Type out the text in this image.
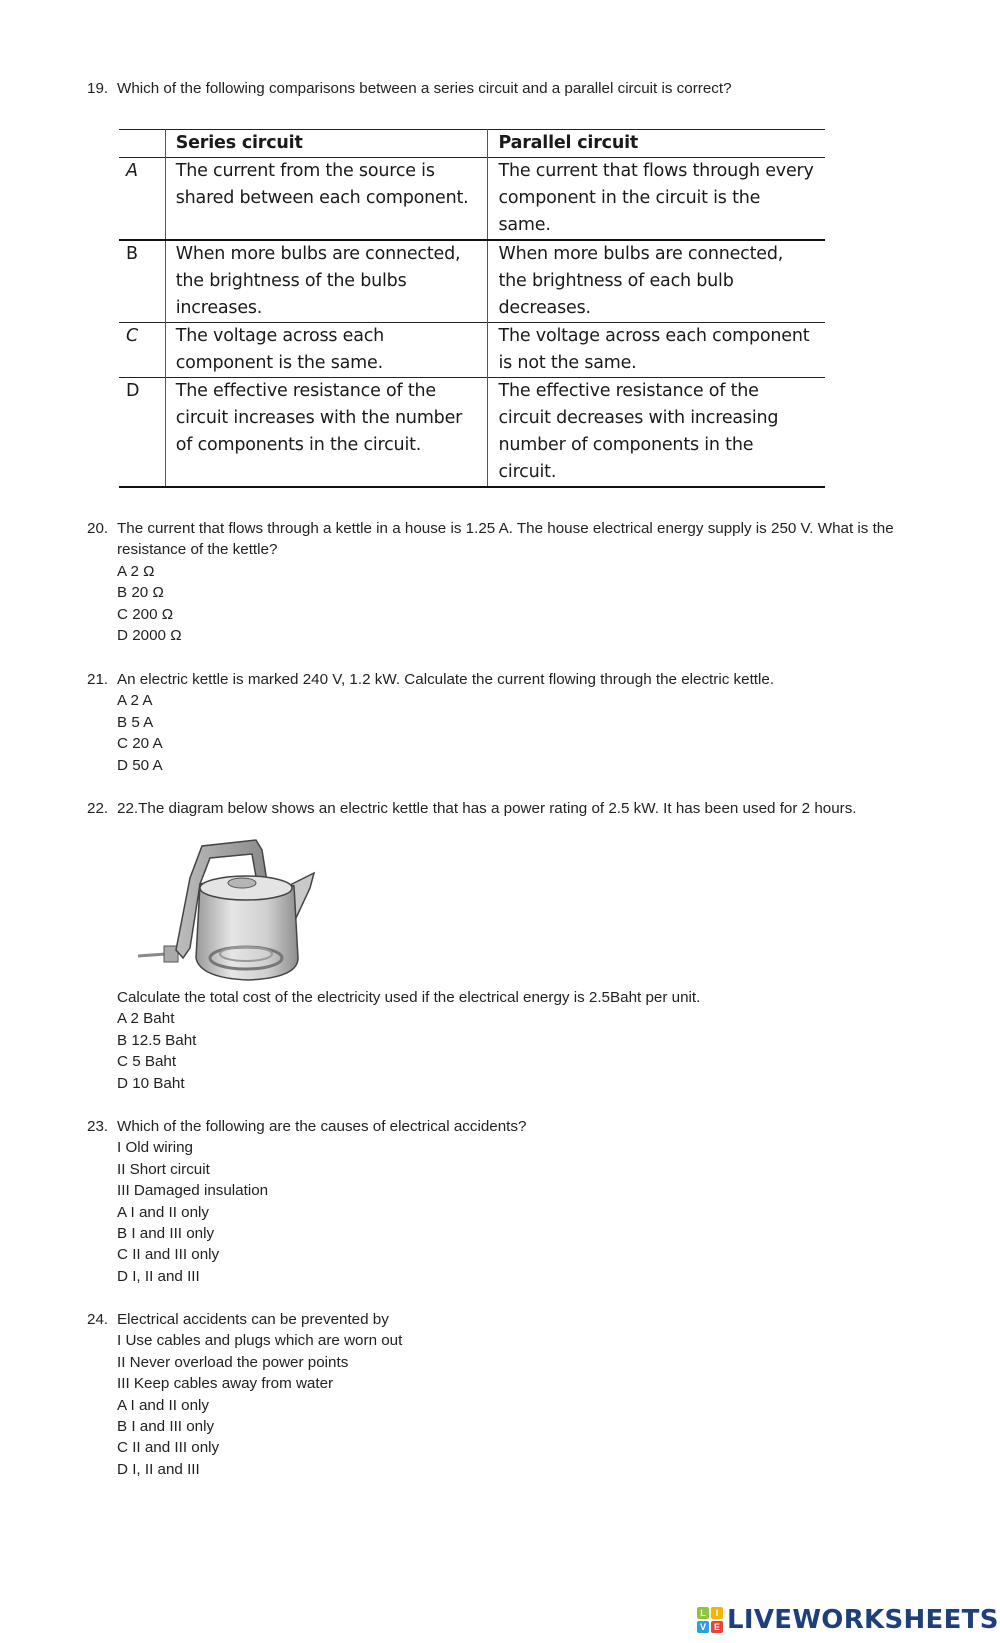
19. Which of the following comparisons between a series circuit and a parallel circuit is correct?
	Series circuit	Parallel circuit
A	The current from the source is shared between each component.	The current that flows through every component in the circuit is the same.
B	When more bulbs are connected, the brightness of the bulbs increases.	When more bulbs are connected, the brightness of each bulb decreases.
C	The voltage across each component is the same.	The voltage across each component is not the same.
D	The effective resistance of the circuit increases with the number of components in the circuit.	The effective resistance of the circuit decreases with increasing number of components in the circuit.
20. The current that flows through a kettle in a house is 1.25 A. The house electrical energy supply is 250 V. What is the resistance of the kettle?
A 2 Ω
B 20 Ω
C 200 Ω
D 2000 Ω
21. An electric kettle is marked 240 V, 1.2 kW. Calculate the current flowing through the electric kettle.
A 2 A
B 5 A
C 20 A
D 50 A
22. 22.The diagram below shows an electric kettle that has a power rating of 2.5 kW. It has been used for 2 hours.
Calculate the total cost of the electricity used if the electrical energy is 2.5Baht per unit.
A 2 Baht
B 12.5 Baht
C 5 Baht
D 10 Baht
23. Which of the following are the causes of electrical accidents?
I Old wiring
II Short circuit
III Damaged insulation
A I and II only
B I and III only
C II and III only
D I, II and III
24. Electrical accidents can be prevented by
I Use cables and plugs which are worn out
II Never overload the power points
III Keep cables away from water
A I and II only
B I and III only
C II and III only
D I, II and III
L	I
V E LIVEWORKSHEETS
